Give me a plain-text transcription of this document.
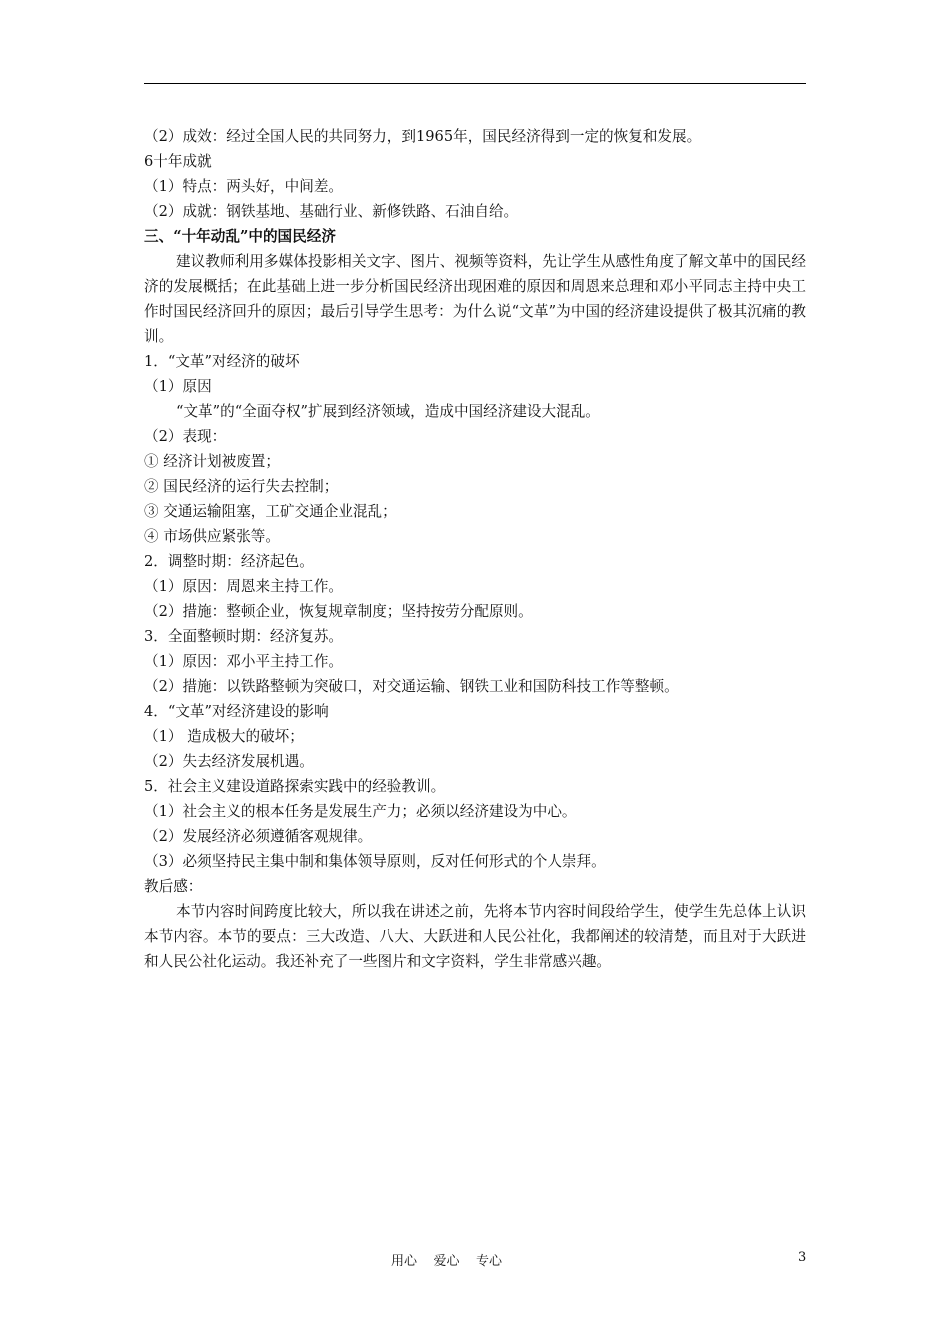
（2）成效：经过全国人民的共同努力，到1965年，国民经济得到一定的恢复和发展。

6十年成就

（1）特点：两头好，中间差。

（2）成就：钢铁基地、基础行业、新修铁路、石油自给。

三、“十年动乱”中的国民经济

建议教师利用多媒体投影相关文字、图片、视频等资料，先让学生从感性角度了解文革中的国民经济的发展概括；在此基础上进一步分析国民经济出现困难的原因和周恩来总理和邓小平同志主持中央工作时国民经济回升的原因；最后引导学生思考：为什么说“文革”为中国的经济建设提供了极其沉痛的教训。

1．“文革”对经济的破坏

（1）原因

“文革”的“全面夺权”扩展到经济领域，造成中国经济建设大混乱。

（2）表现：

① 经济计划被废置；

② 国民经济的运行失去控制；

③ 交通运输阻塞，工矿交通企业混乱；

④ 市场供应紧张等。

2．调整时期：经济起色。

（1）原因：周恩来主持工作。

（2）措施：整顿企业，恢复规章制度；坚持按劳分配原则。

3．全面整顿时期：经济复苏。

（1）原因：邓小平主持工作。

（2）措施：以铁路整顿为突破口，对交通运输、钢铁工业和国防科技工作等整顿。

4．“文革”对经济建设的影响

（1） 造成极大的破坏；

（2）失去经济发展机遇。

5．社会主义建设道路探索实践中的经验教训。

（1）社会主义的根本任务是发展生产力；必须以经济建设为中心。

（2）发展经济必须遵循客观规律。

（3）必须坚持民主集中制和集体领导原则，反对任何形式的个人崇拜。

教后感：

本节内容时间跨度比较大，所以我在讲述之前，先将本节内容时间段给学生，使学生先总体上认识本节内容。本节的要点：三大改造、八大、大跃进和人民公社化，我都阐述的较清楚，而且对于大跃进和人民公社化运动。我还补充了一些图片和文字资料，学生非常感兴趣。

用心    爱心    专心	3
